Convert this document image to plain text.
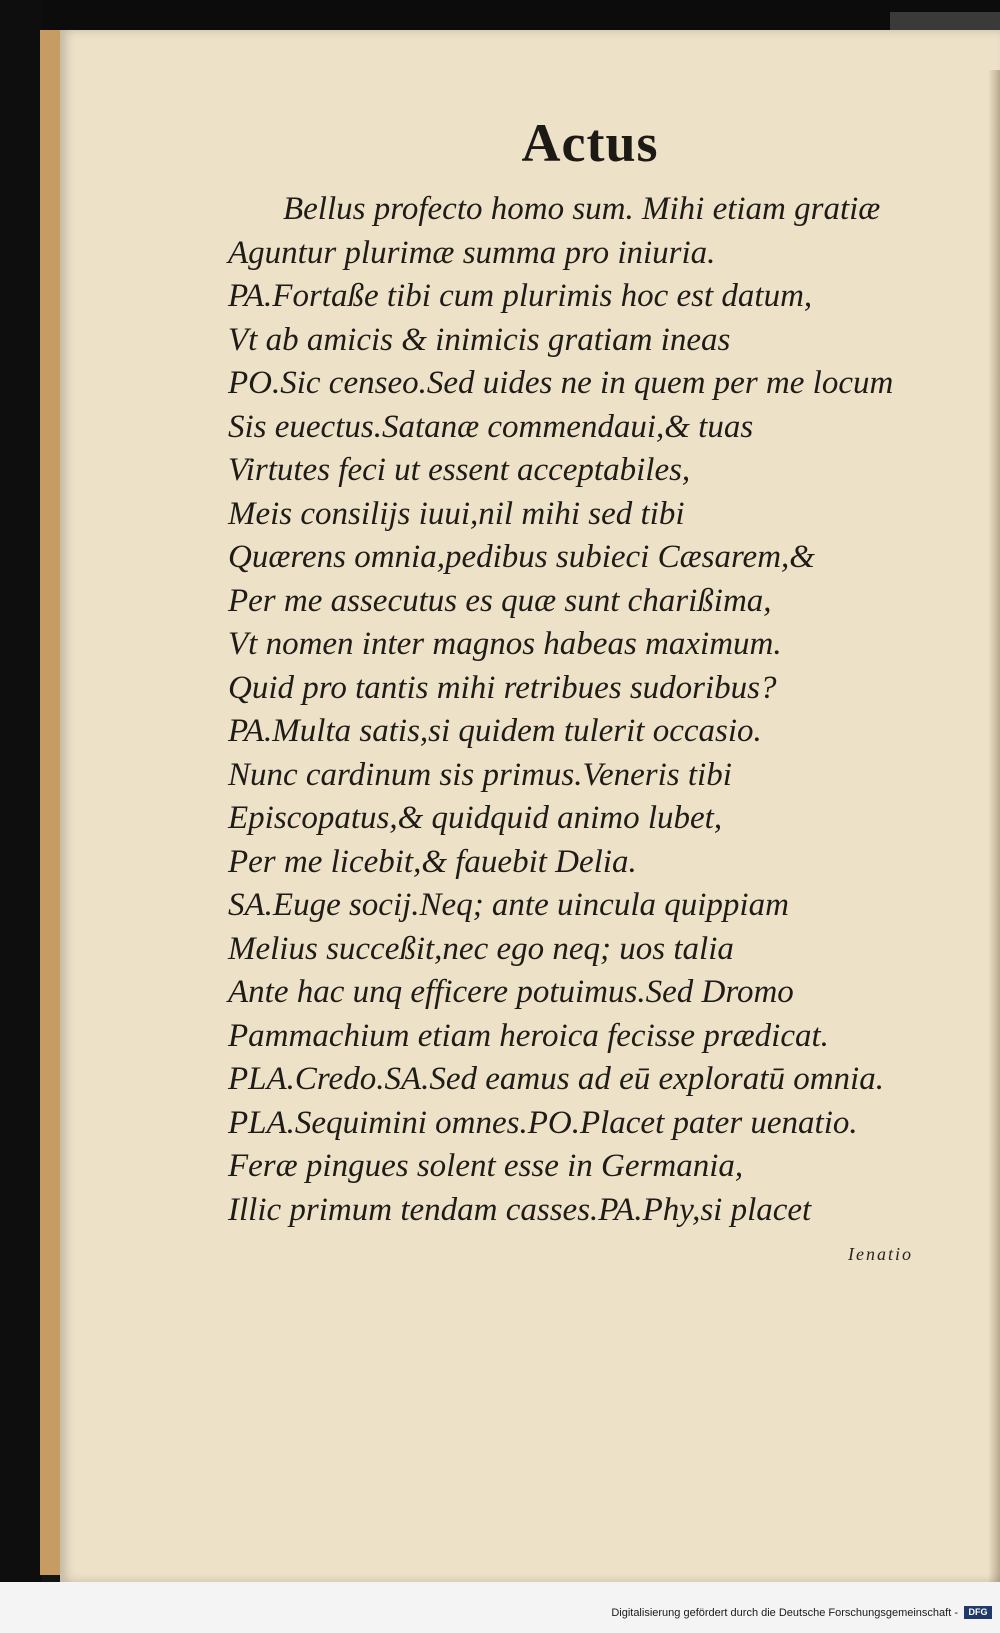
Actus
Bellus profecto homo sum. Mihi etiam gratiæ
Aguntur plurimæ summa pro iniuria.
PA.Fortaße tibi cum plurimis hoc est datum,
Vt ab amicis & inimicis gratiam ineas
PO.Sic censeo.Sed uides ne in quem per me locum
Sis euectus.Satanæ commendaui,& tuas
Virtutes feci ut essent acceptabiles,
Meis consilijs iuui,nil mihi sed tibi
Quærens omnia,pedibus subieci Cæsarem,&
Per me assecutus es quæ sunt charißima,
Vt nomen inter magnos habeas maximum.
Quid pro tantis mihi retribues sudoribus?
PA.Multa satis,si quidem tulerit occasio.
Nunc cardinum sis primus.Veneris tibi
Episcopatus,& quidquid animo lubet,
Per me licebit,& fauebit Delia.
SA.Euge socij.Neq; ante uincula quippiam
Melius succeßit,nec ego neq; uos talia
Ante hac unq efficere potuimus.Sed Dromo
Pammachium etiam heroica fecisse prædicat.
PLA.Credo.SA.Sed eamus ad eū exploratū omnia.
PLA.Sequimini omnes.PO.Placet pater uenatio.
Feræ pingues solent esse in Germania,
Illic primum tendam casses.PA.Phy,si placet
Ienatio
Digitalisierung gefördert durch die Deutsche Forschungsgemeinschaft -	DFG
